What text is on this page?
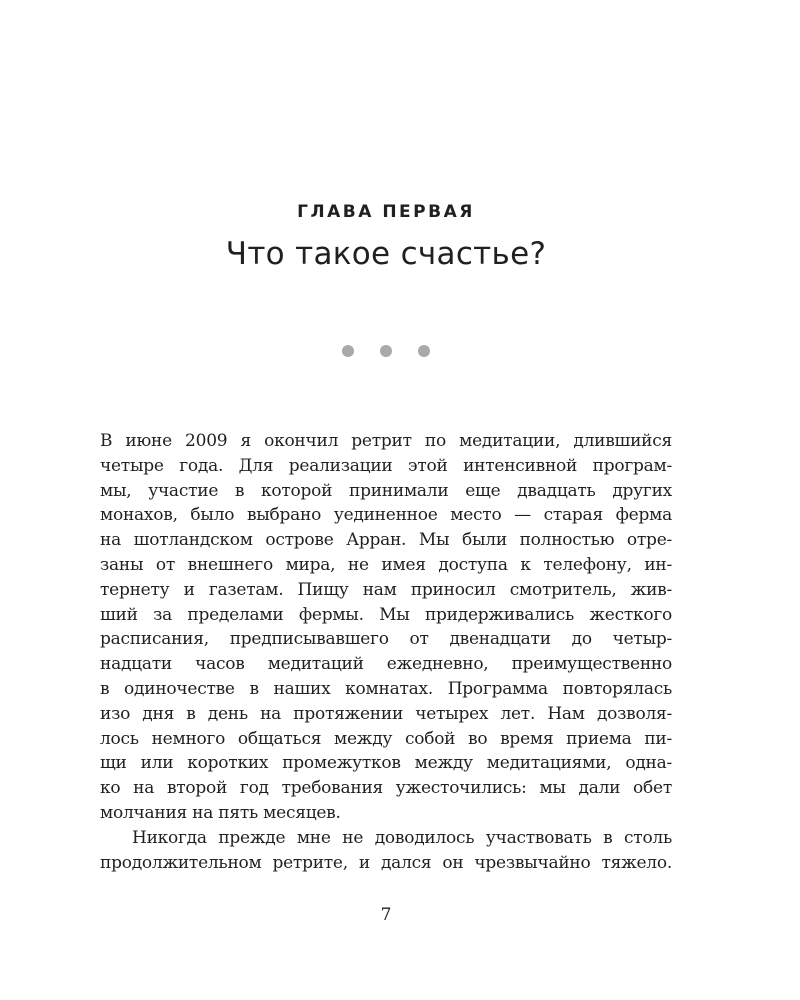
ГЛАВА ПЕРВАЯ
Что такое счастье?
В июне 2009 я окончил ретрит по медитации, длившийся
четыре года. Для реализации этой интенсивной програм-
мы, участие в которой принимали еще двадцать других
монахов, было выбрано уединенное место — старая ферма
на шотландском острове Арран. Мы были полностью отре-
заны от внешнего мира, не имея доступа к телефону, ин-
тернету и газетам. Пищу нам приносил смотритель, жив-
ший за пределами фермы. Мы придерживались жесткого
расписания, предписывавшего от двенадцати до четыр-
надцати часов медитаций ежедневно, преимущественно
в одиночестве в наших комнатах. Программа повторялась
изо дня в день на протяжении четырех лет. Нам дозволя-
лось немного общаться между собой во время приема пи-
щи или коротких промежутков между медитациями, одна-
ко на второй год требования ужесточились: мы дали обет
молчания на пять месяцев.
Никогда прежде мне не доводилось участвовать в столь
продолжительном ретрите, и дался он чрезвычайно тяжело.
7
